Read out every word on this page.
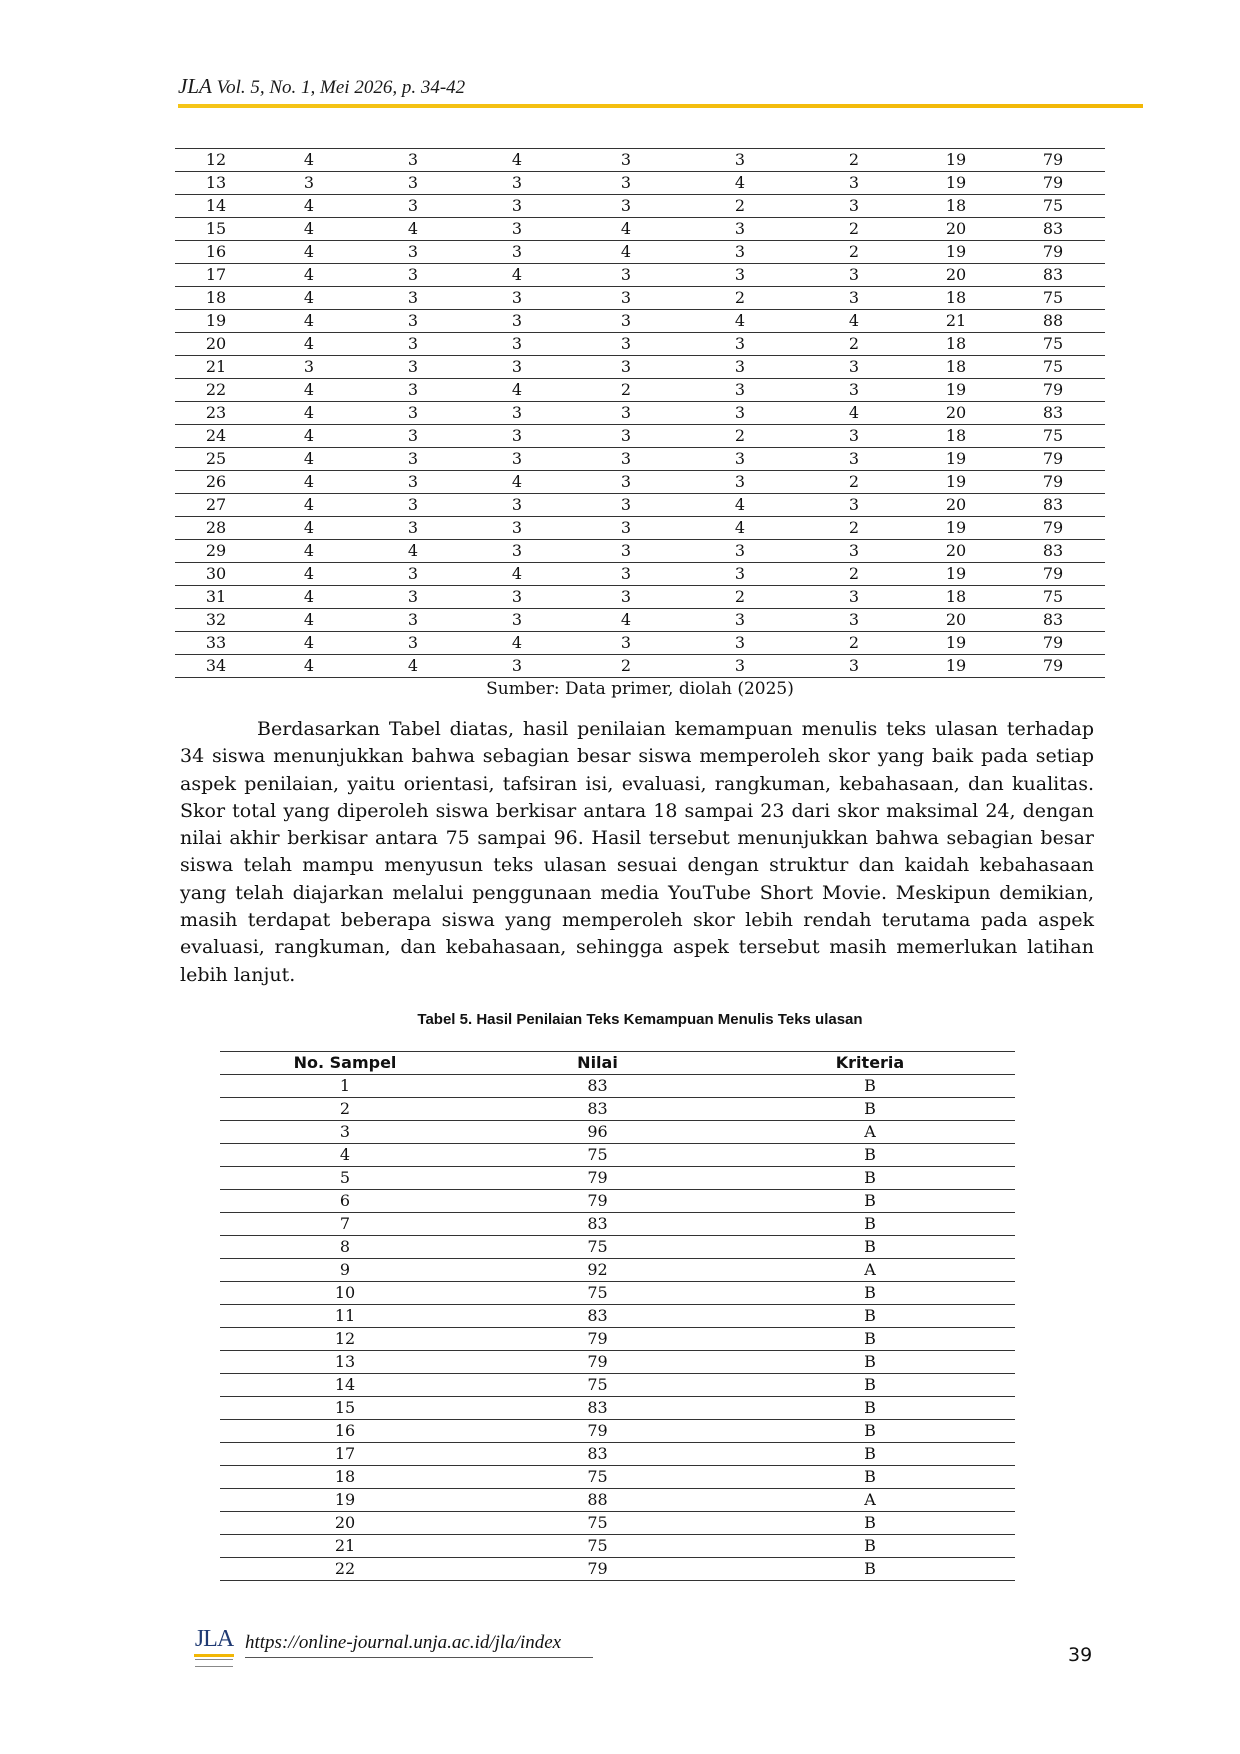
JLA Vol. 5, No. 1, Mei 2026, p. 34-42
12	4	3	4	3	3	2	19	79
13	3	3	3	3	4	3	19	79
14	4	3	3	3	2	3	18	75
15	4	4	3	4	3	2	20	83
16	4	3	3	4	3	2	19	79
17	4	3	4	3	3	3	20	83
18	4	3	3	3	2	3	18	75
19	4	3	3	3	4	4	21	88
20	4	3	3	3	3	2	18	75
21	3	3	3	3	3	3	18	75
22	4	3	4	2	3	3	19	79
23	4	3	3	3	3	4	20	83
24	4	3	3	3	2	3	18	75
25	4	3	3	3	3	3	19	79
26	4	3	4	3	3	2	19	79
27	4	3	3	3	4	3	20	83
28	4	3	3	3	4	2	19	79
29	4	4	3	3	3	3	20	83
30	4	3	4	3	3	2	19	79
31	4	3	3	3	2	3	18	75
32	4	3	3	4	3	3	20	83
33	4	3	4	3	3	2	19	79
34	4	4	3	2	3	3	19	79
Sumber: Data primer, diolah (2025)

Berdasarkan Tabel diatas, hasil penilaian kemampuan menulis teks ulasan terhadap 34 siswa menunjukkan bahwa sebagian besar siswa memperoleh skor yang baik pada setiap aspek penilaian, yaitu orientasi, tafsiran isi, evaluasi, rangkuman, kebahasaan, dan kualitas. Skor total yang diperoleh siswa berkisar antara 18 sampai 23 dari skor maksimal 24, dengan nilai akhir berkisar antara 75 sampai 96. Hasil tersebut menunjukkan bahwa sebagian besar siswa telah mampu menyusun teks ulasan sesuai dengan struktur dan kaidah kebahasaan yang telah diajarkan melalui penggunaan media YouTube Short Movie. Meskipun demikian, masih terdapat beberapa siswa yang memperoleh skor lebih rendah terutama pada aspek evaluasi, rangkuman, dan kebahasaan, sehingga aspek tersebut masih memerlukan latihan lebih lanjut.

Tabel 5. Hasil Penilaian Teks Kemampuan Menulis Teks ulasan
No. Sampel	Nilai	Kriteria
1	83	B
2	83	B
3	96	A
4	75	B
5	79	B
6	79	B
7	83	B
8	75	B
9	92	A
10	75	B
11	83	B
12	79	B
13	79	B
14	75	B
15	83	B
16	79	B
17	83	B
18	75	B
19	88	A
20	75	B
21	75	B
22	79	B
JLA https://online-journal.unja.ac.id/jla/index
39
